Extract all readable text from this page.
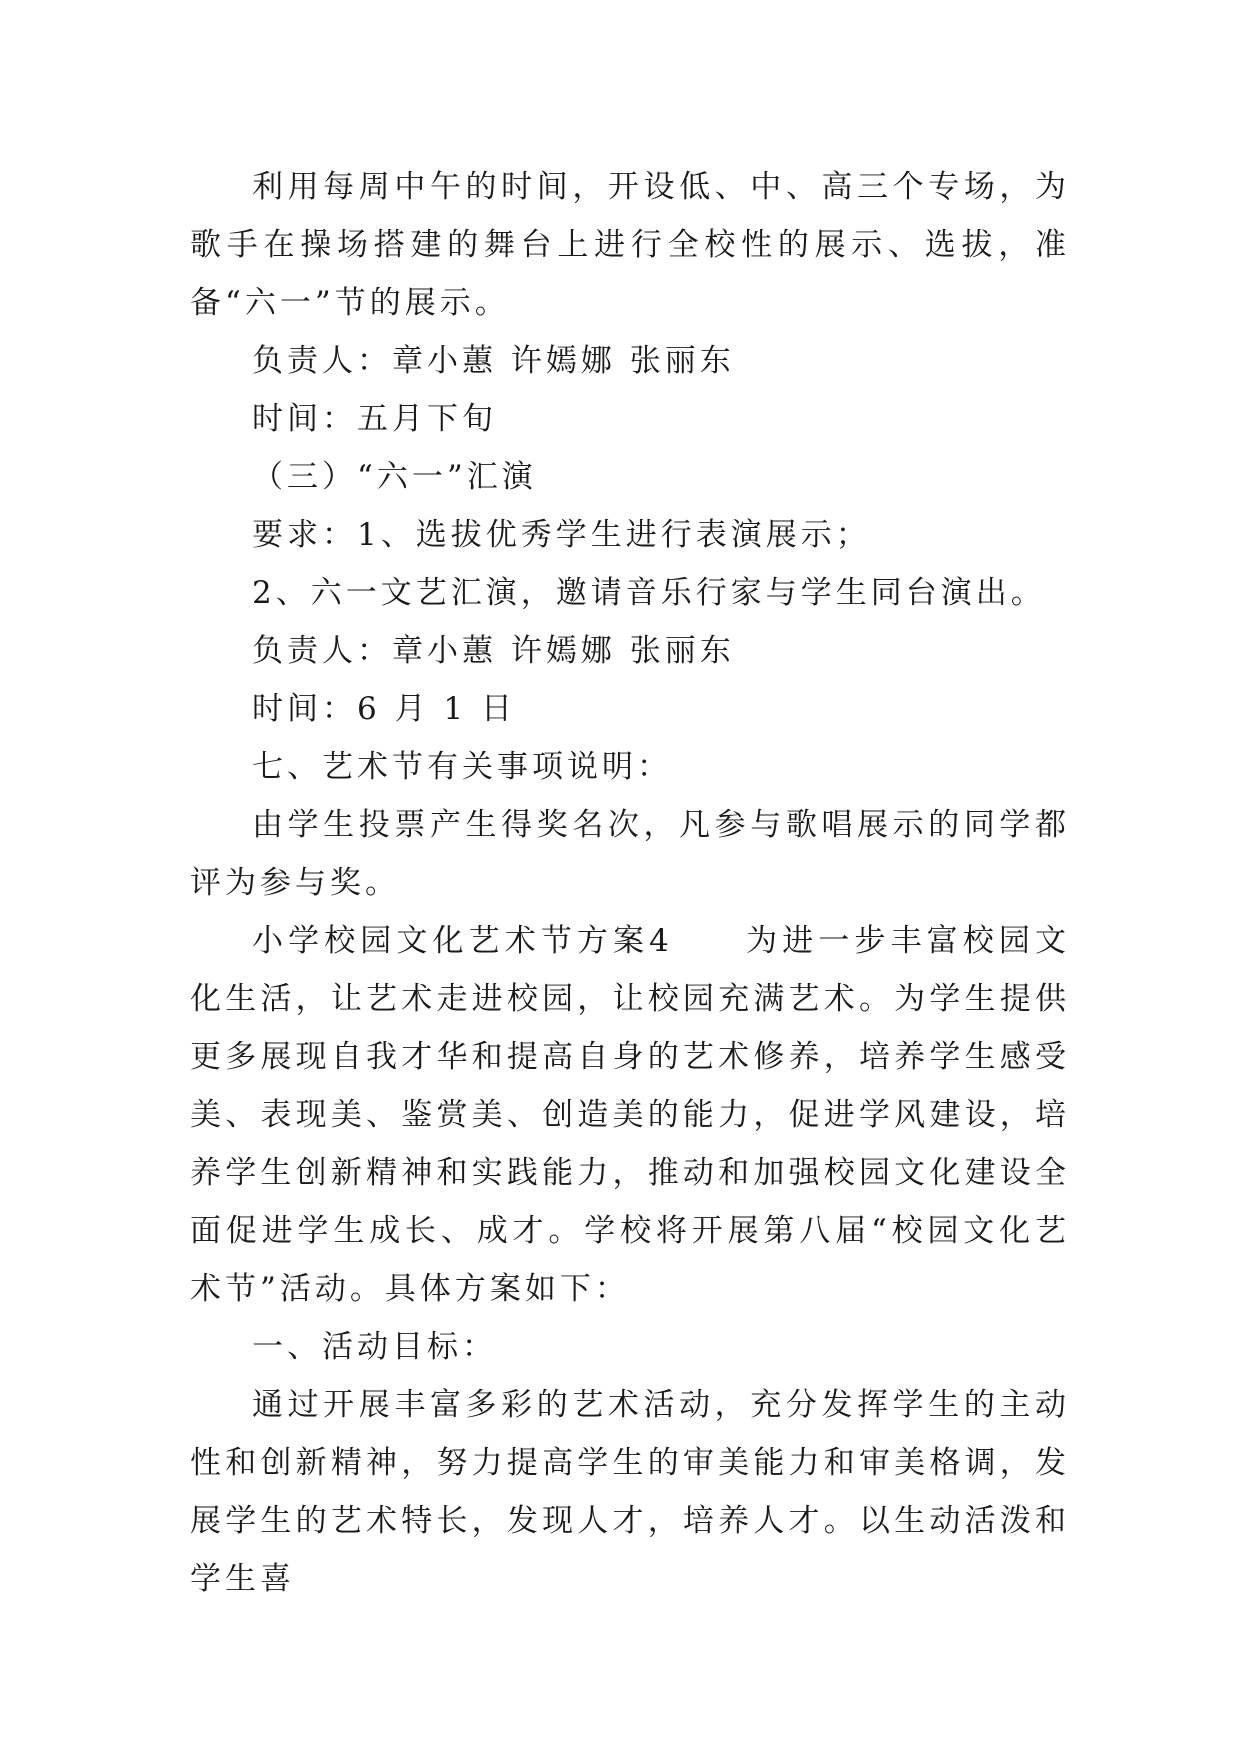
利用每周中午的时间，开设低、中、高三个专场，为歌手在操场搭建的舞台上进行全校性的展示、选拔，准备“六一”节的展示。

负责人：章小蕙 许嫣娜 张丽东

时间：五月下旬

（三）“六一”汇演

要求：1、选拔优秀学生进行表演展示；

2、六一文艺汇演，邀请音乐行家与学生同台演出。

负责人：章小蕙 许嫣娜 张丽东

时间：6 月 1 日

七、艺术节有关事项说明：

由学生投票产生得奖名次，凡参与歌唱展示的同学都评为参与奖。

小学校园文化艺术节方案4　　为进一步丰富校园文化生活，让艺术走进校园，让校园充满艺术。为学生提供更多展现自我才华和提高自身的艺术修养，培养学生感受美、表现美、鉴赏美、创造美的能力，促进学风建设，培养学生创新精神和实践能力，推动和加强校园文化建设全面促进学生成长、成才。学校将开展第八届“校园文化艺术节”活动。具体方案如下：

一、活动目标：

通过开展丰富多彩的艺术活动，充分发挥学生的主动性和创新精神，努力提高学生的审美能力和审美格调，发展学生的艺术特长，发现人才，培养人才。以生动活泼和学生喜
